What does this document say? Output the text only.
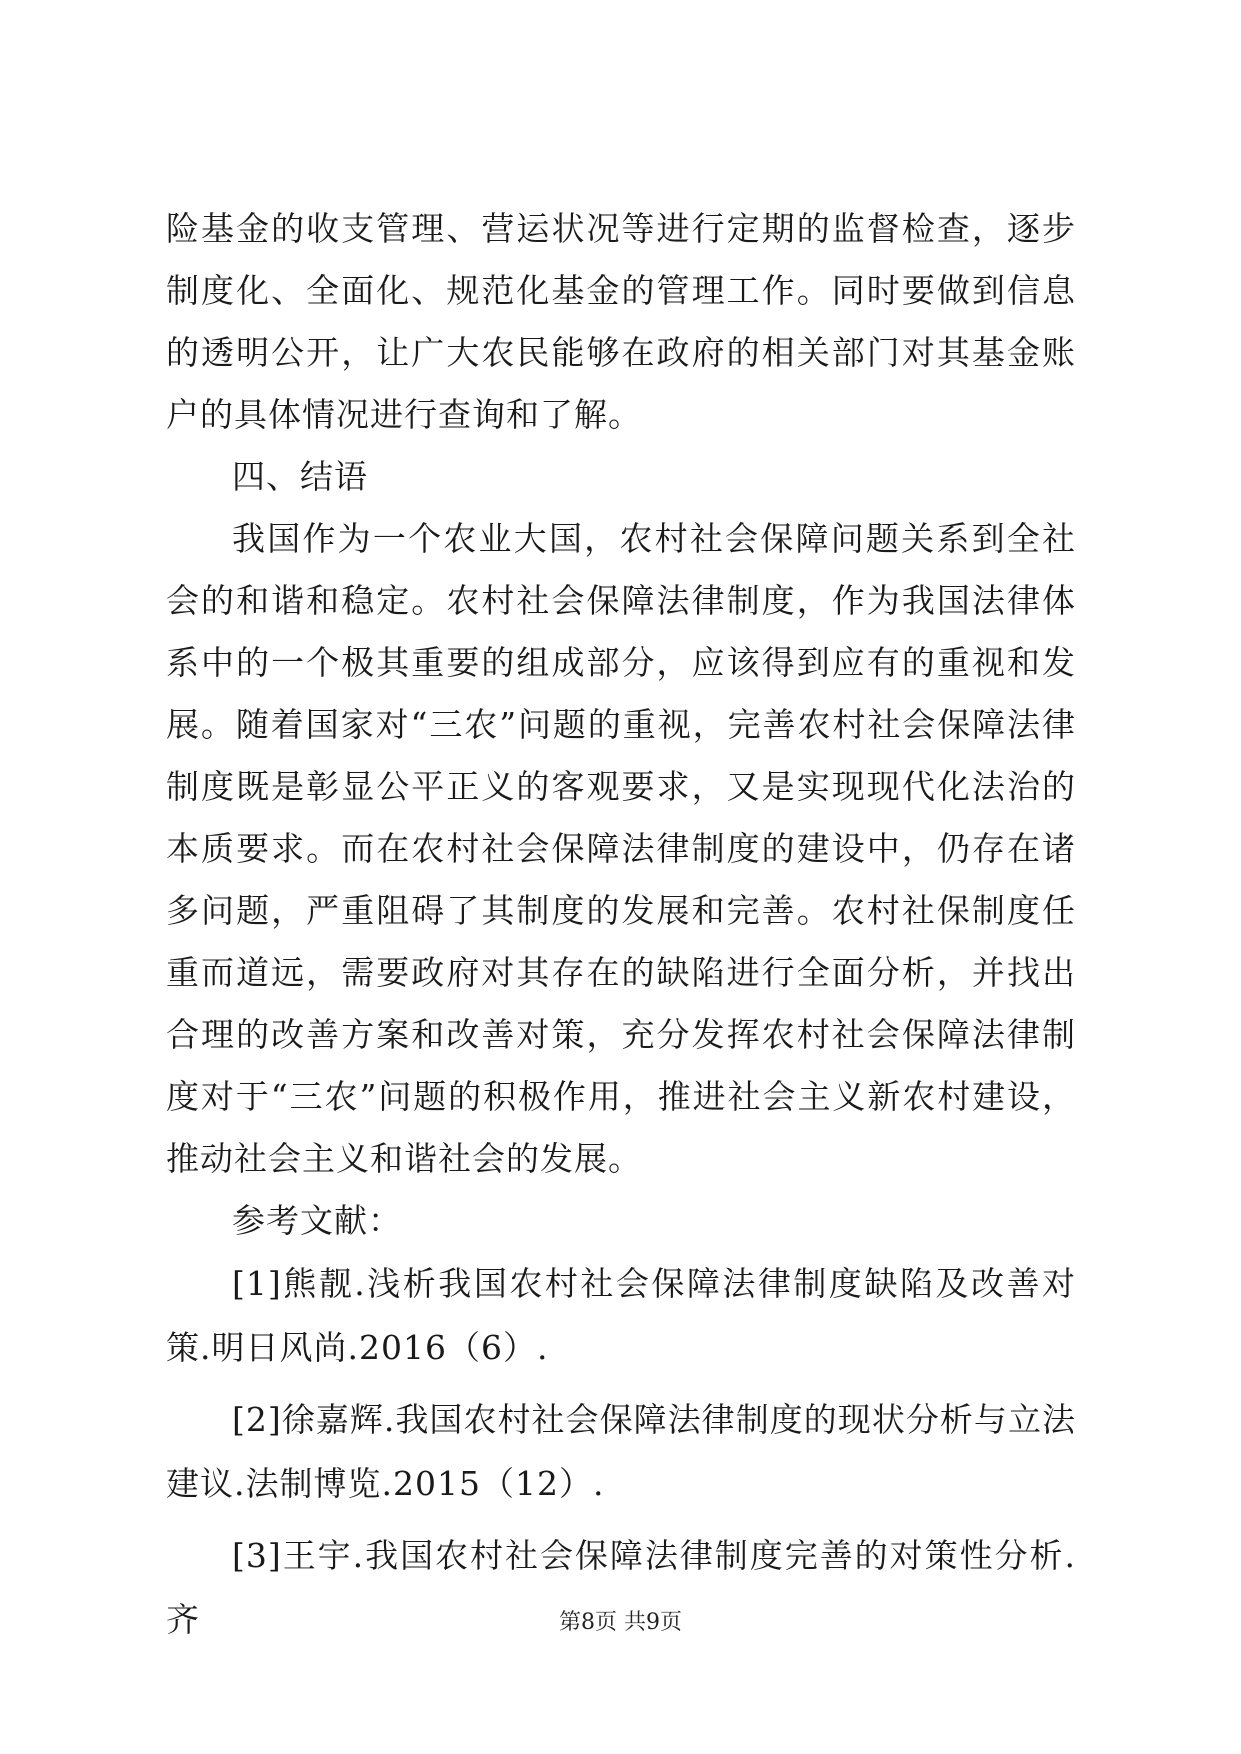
险基金的收支管理、营运状况等进行定期的监督检查，逐步制度化、全面化、规范化基金的管理工作。同时要做到信息的透明公开，让广大农民能够在政府的相关部门对其基金账户的具体情况进行查询和了解。

四、结语

我国作为一个农业大国，农村社会保障问题关系到全社会的和谐和稳定。农村社会保障法律制度，作为我国法律体系中的一个极其重要的组成部分，应该得到应有的重视和发展。随着国家对“三农”问题的重视，完善农村社会保障法律制度既是彰显公平正义的客观要求，又是实现现代化法治的本质要求。而在农村社会保障法律制度的建设中，仍存在诸多问题，严重阻碍了其制度的发展和完善。农村社保制度任重而道远，需要政府对其存在的缺陷进行全面分析，并找出合理的改善方案和改善对策，充分发挥农村社会保障法律制度对于“三农”问题的积极作用，推进社会主义新农村建设，推动社会主义和谐社会的发展。

参考文献：

[1]熊靓.浅析我国农村社会保障法律制度缺陷及改善对策.明日风尚.2016（6）.

[2]徐嘉辉.我国农村社会保障法律制度的现状分析与立法建议.法制博览.2015（12）.

[3]王宇.我国农村社会保障法律制度完善的对策性分析.齐	第8页 共9页
